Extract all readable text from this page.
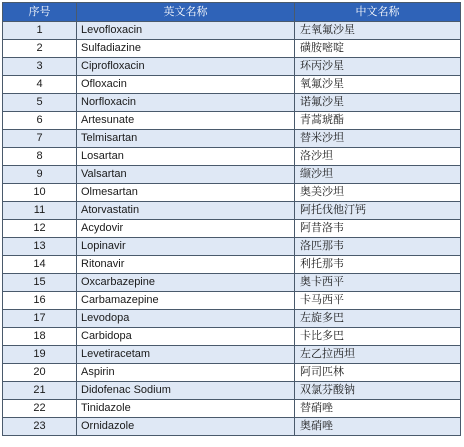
序号	英文名称	中文名称
1	Levofloxacin	左氧氟沙星
2	Sulfadiazine	磺胺嘧啶
3	Ciprofloxacin	环丙沙星
4	Ofloxacin	氧氟沙星
5	Norfloxacin	诺氟沙星
6	Artesunate	青蒿琥酯
7	Telmisartan	替米沙坦
8	Losartan	洛沙坦
9	Valsartan	缬沙坦
10	Olmesartan	奥美沙坦
11	Atorvastatin	阿托伐他汀钙
12	Acydovir	阿昔洛韦
13	Lopinavir	洛匹那韦
14	Ritonavir	利托那韦
15	Oxcarbazepine	奥卡西平
16	Carbamazepine	卡马西平
17	Levodopa	左旋多巴
18	Carbidopa	卡比多巴
19	Levetiracetam	左乙拉西坦
20	Aspirin	阿司匹林
21	Didofenac Sodium	双氯芬酸钠
22	Tinidazole	替硝唑
23	Ornidazole	奥硝唑
